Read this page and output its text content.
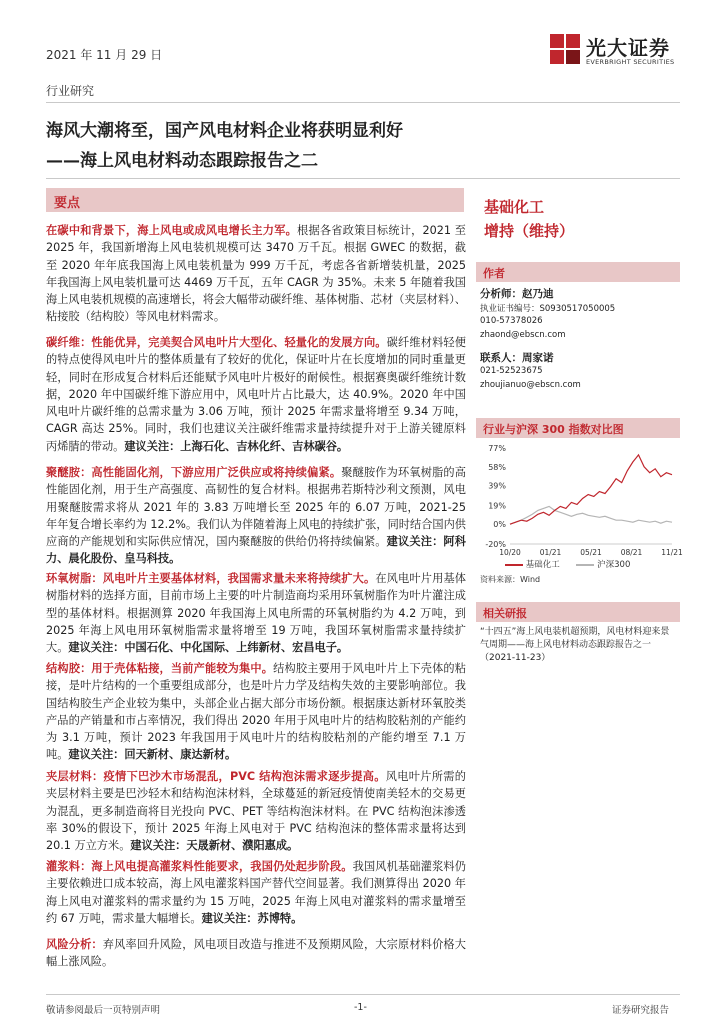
2021 年 11 月 29 日	光大证券
EVERBRIGHT SECURITIES
行业研究
海风大潮将至，国产风电材料企业将获明显利好
——海上风电材料动态跟踪报告之二
要点
在碳中和背景下，海上风电或成风电增长主力军。根据各省政策目标统计，2021 至 2025 年，我国新增海上风电装机规模可达 3470 万千瓦。根据 GWEC 的数据，截至 2020 年年底我国海上风电装机量为 999 万千瓦，考虑各省新增装机量，2025 年我国海上风电装机量可达 4469 万千瓦，五年 CAGR 为 35%。未来 5 年随着我国海上风电装机规模的高速增长，将会大幅带动碳纤维、基体树脂、芯材（夹层材料）、粘接胶（结构胶）等风电材料需求。
碳纤维：性能优异，完美契合风电叶片大型化、轻量化的发展方向。碳纤维材料轻便的特点使得风电叶片的整体质量有了较好的优化，保证叶片在长度增加的同时重量更轻，同时在形成复合材料后还能赋予风电叶片极好的耐候性。根据赛奥碳纤维统计数据，2020 年中国碳纤维下游应用中，风电叶片占比最大，达 40.9%。2020 年中国风电叶片碳纤维的总需求量为 3.06 万吨，预计 2025 年需求量将增至 9.34 万吨，CAGR 高达 25%。同时，我们也建议关注碳纤维需求量持续提升对于上游关键原料丙烯腈的带动。建议关注：上海石化、吉林化纤、吉林碳谷。
聚醚胺：高性能固化剂，下游应用广泛供应或将持续偏紧。聚醚胺作为环氧树脂的高性能固化剂，用于生产高强度、高韧性的复合材料。根据弗若斯特沙利文预测，风电用聚醚胺需求将从 2021 年的 3.83 万吨增长至 2025 年的 6.07 万吨，2021-25 年年复合增长率约为 12.2%。我们认为伴随着海上风电的持续扩张，同时结合国内供应商的产能规划和实际供应情况，国内聚醚胺的供给仍将持续偏紧。建议关注：阿科力、晨化股份、皇马科技。
环氧树脂：风电叶片主要基体材料，我国需求量未来将持续扩大。在风电叶片用基体树脂材料的选择方面，目前市场上主要的叶片制造商均采用环氧树脂作为叶片灌注成型的基体材料。根据测算 2020 年我国海上风电所需的环氧树脂约为 4.2 万吨，到 2025 年海上风电用环氧树脂需求量将增至 19 万吨，我国环氧树脂需求量持续扩大。建议关注：中国石化、中化国际、上纬新材、宏昌电子。
结构胶：用于壳体粘接，当前产能较为集中。结构胶主要用于风电叶片上下壳体的粘接，是叶片结构的一个重要组成部分，也是叶片力学及结构失效的主要影响部位。我国结构胶生产企业较为集中，头部企业占据大部分市场份额。根据康达新材环氧胶类产品的产销量和市占率情况，我们得出 2020 年用于风电叶片的结构胶粘剂的产能约为 3.1 万吨，预计 2023 年我国用于风电叶片的结构胶粘剂的产能约增至 7.1 万吨。建议关注：回天新材、康达新材。
夹层材料：疫情下巴沙木市场混乱，PVC 结构泡沫需求逐步提高。风电叶片所需的夹层材料主要是巴沙轻木和结构泡沫材料，全球蔓延的新冠疫情使南美轻木的交易更为混乱，更多制造商将目光投向 PVC、PET 等结构泡沫材料。在 PVC 结构泡沫渗透率 30%的假设下，预计 2025 年海上风电对于 PVC 结构泡沫的整体需求量将达到 20.1 万立方米。建议关注：天晟新材、濮阳惠成。
灌浆料：海上风电提高灌浆料性能要求，我国仍处起步阶段。我国风机基础灌浆料仍主要依赖进口成本较高，海上风电灌浆料国产替代空间显著。我们测算得出 2020 年海上风电对灌浆料的需求量约为 15 万吨，2025 年海上风电对灌浆料的需求量增至约 67 万吨，需求量大幅增长。建议关注：苏博特。
风险分析：弃风率回升风险，风电项目改造与推进不及预期风险，大宗原材料价格大幅上涨风险。
基础化工
增持（维持）
作者
分析师：赵乃迪
执业证书编号：S0930517050005
010-57378026
zhaond@ebscn.com
联系人：周家诺
021-52523675
zhoujianuo@ebscn.com
行业与沪深 300 指数对比图
77%
58%
39%
19%
0%
-20%
10/20	01/21	05/21	08/21	11/21
基础化工	沪深300
资料来源：Wind
相关研报
“十四五”海上风电装机超预期，风电材料迎来景气周期——海上风电材料动态跟踪报告之一（2021-11-23）
敬请参阅最后一页特别声明	-1-	证券研究报告
